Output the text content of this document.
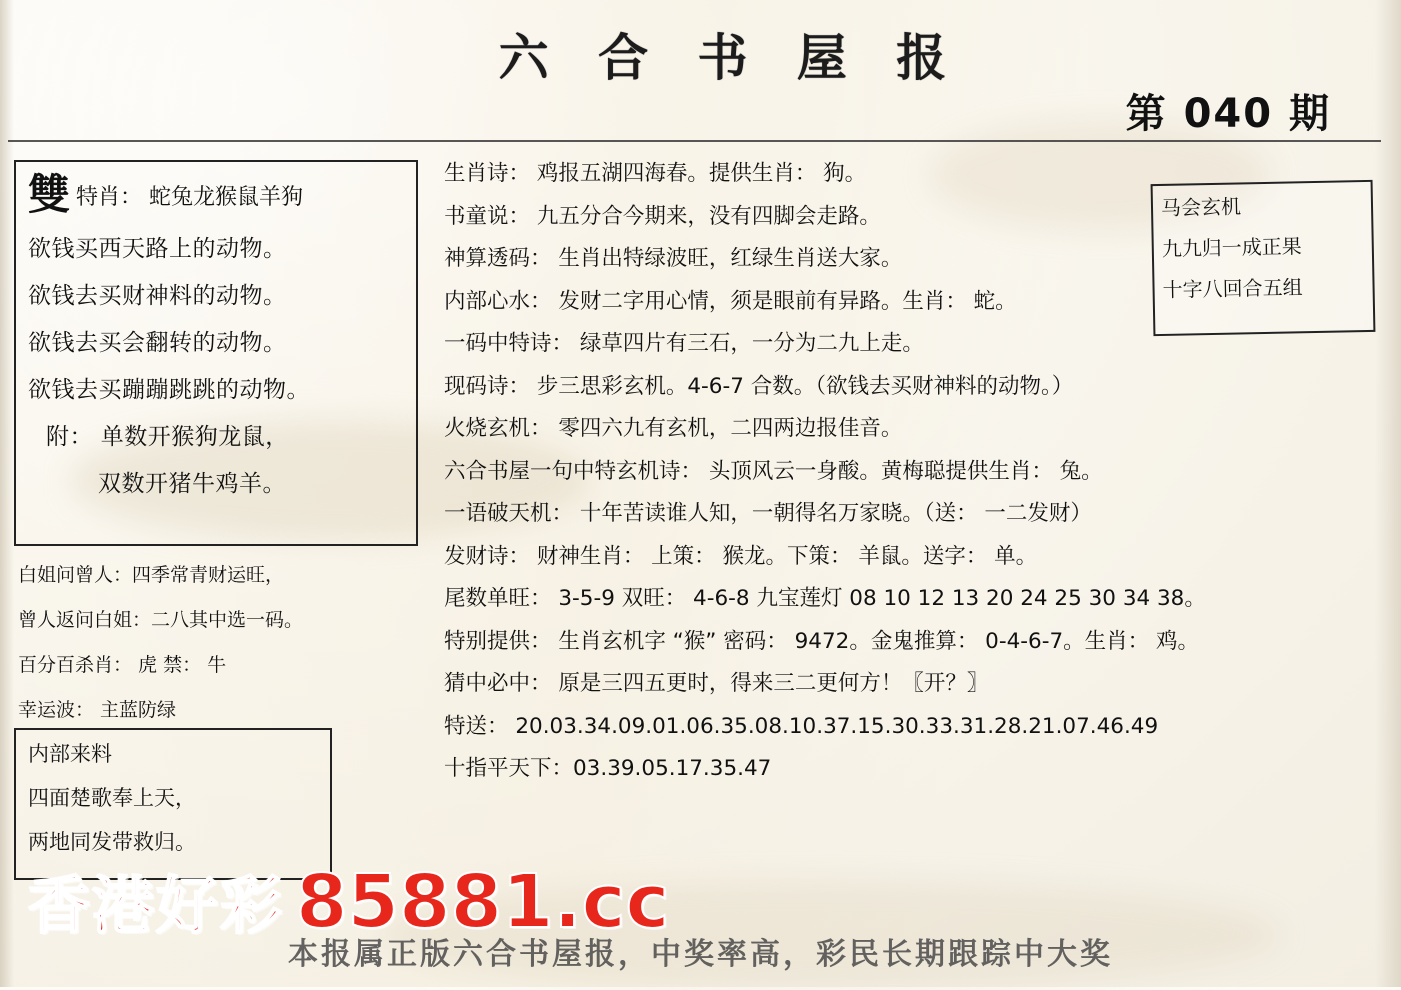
六 合 书 屋 报
第 040 期
雙 特肖： 蛇兔龙猴鼠羊狗
欲钱买西天路上的动物。
欲钱去买财神料的动物。
欲钱去买会翻转的动物。
欲钱去买蹦蹦跳跳的动物。
附： 单数开猴狗龙鼠，
双数开猪牛鸡羊。
白姐问曾人：四季常青财运旺，
曾人返问白姐：二八其中选一码。
百分百杀肖： 虎 禁： 牛
幸运波： 主蓝防绿
内部来料
四面楚歌奉上天，
两地同发带救归。
马会玄机
九九归一成正果
十字八回合五组
生肖诗： 鸡报五湖四海春。提供生肖： 狗。
书童说： 九五分合今期来，没有四脚会走路。
神算透码： 生肖出特绿波旺，红绿生肖送大家。
内部心水： 发财二字用心情，须是眼前有异路。生肖： 蛇。
一码中特诗： 绿草四片有三石，一分为二九上走。
现码诗： 步三思彩玄机。4-6-7 合数。（欲钱去买财神料的动物。）
火烧玄机： 零四六九有玄机，二四两边报佳音。
六合书屋一句中特玄机诗： 头顶风云一身酸。黄梅聪提供生肖： 兔。
一语破天机： 十年苦读谁人知，一朝得名万家晓。（送： 一二发财）
发财诗： 财神生肖： 上策： 猴龙。下策： 羊鼠。送字： 单。
尾数单旺： 3-5-9 双旺： 4-6-8 九宝莲灯 08 10 12 13 20 24 25 30 34 38。
特别提供： 生肖玄机字 “猴” 密码： 9472。金鬼推算： 0-4-6-7。生肖： 鸡。
猜中必中： 原是三四五更时，得来三二更何方！〖开？〗
特送： 20.03.34.09.01.06.35.08.10.37.15.30.33.31.28.21.07.46.49
十指平天下：03.39.05.17.35.47
本报属正版六合书屋报，中奖率高，彩民长期跟踪中大奖
香港好彩 85881.cc
